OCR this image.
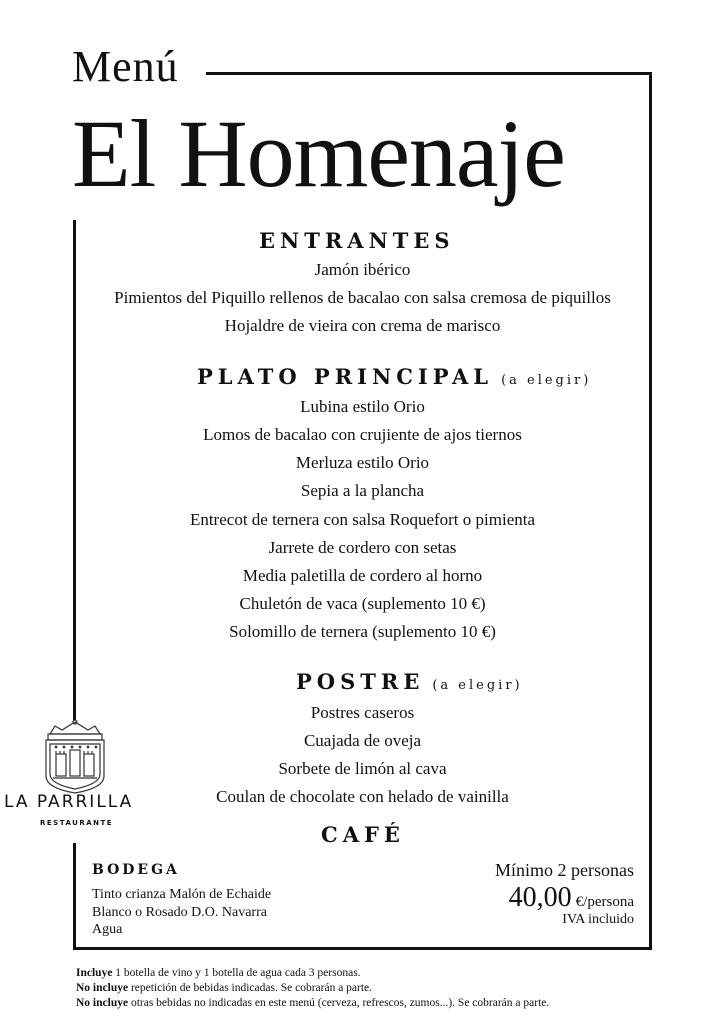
Menú
El Homenaje
ENTRANTES
Jamón ibérico
Pimientos del Piquillo rellenos de bacalao con salsa cremosa de piquillos
Hojaldre de vieira con crema de marisco
PLATO PRINCIPAL (a elegir)
Lubina estilo Orio
Lomos de bacalao con crujiente de ajos tiernos
Merluza estilo Orio
Sepia a la plancha
Entrecot de ternera con salsa Roquefort o pimienta
Jarrete de cordero con setas
Media paletilla de cordero al horno
Chuletón de vaca (suplemento 10 €)
Solomillo de ternera (suplemento 10 €)
POSTRE (a elegir)
Postres caseros
Cuajada de oveja
Sorbete de limón al cava
Coulan de chocolate con helado de vainilla
CAFÉ
LA PARRILLA
RESTAURANTE
BODEGA
Tinto crianza Malón de Echaide
Blanco o Rosado D.O. Navarra
Agua
Mínimo 2 personas
40,00 €/persona
IVA incluido
Incluye 1 botella de vino y 1 botella de agua cada 3 personas.
No incluye repetición de bebidas indicadas. Se cobrarán a parte.
No incluye otras bebidas no indicadas en este menú (cerveza, refrescos, zumos...). Se cobrarán a parte.
